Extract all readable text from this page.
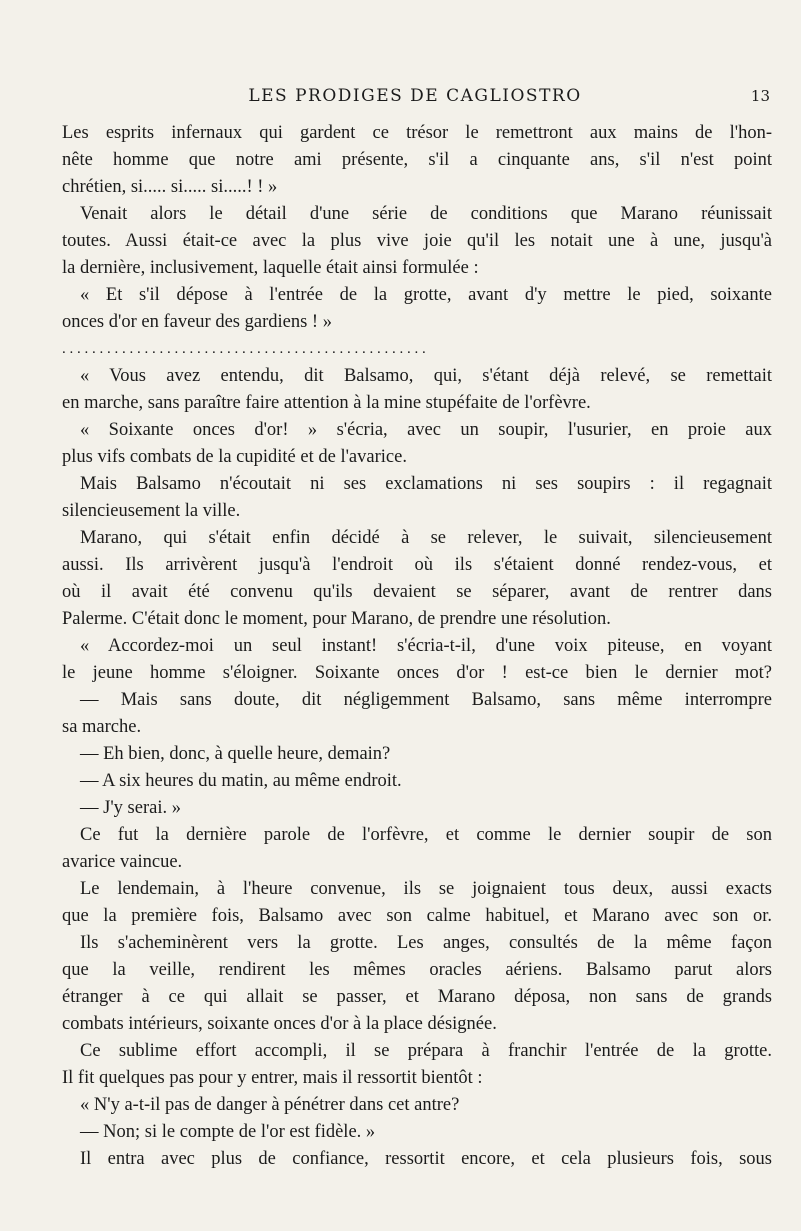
LES PRODIGES DE CAGLIOSTRO	13
Les esprits infernaux qui gardent ce trésor le remettront aux mains de l'hon-
nête homme que notre ami présente, s'il a cinquante ans, s'il n'est point
chrétien, si..... si..... si.....! ! »
Venait alors le détail d'une série de conditions que Marano réunissait
toutes. Aussi était-ce avec la plus vive joie qu'il les notait une à une, jusqu'à
la dernière, inclusivement, laquelle était ainsi formulée :
« Et s'il dépose à l'entrée de la grotte, avant d'y mettre le pied, soixante
onces d'or en faveur des gardiens ! »
. . . . . . . . . . . . . . . . . . . . . . . . . . . . . . . . . . . . . . . . . . . . . . . . .
« Vous avez entendu, dit Balsamo, qui, s'étant déjà relevé, se remettait
en marche, sans paraître faire attention à la mine stupéfaite de l'orfèvre.
« Soixante onces d'or! » s'écria, avec un soupir, l'usurier, en proie aux
plus vifs combats de la cupidité et de l'avarice.
Mais Balsamo n'écoutait ni ses exclamations ni ses soupirs : il regagnait
silencieusement la ville.
Marano, qui s'était enfin décidé à se relever, le suivait, silencieusement
aussi. Ils arrivèrent jusqu'à l'endroit où ils s'étaient donné rendez-vous, et
où il avait été convenu qu'ils devaient se séparer, avant de rentrer dans
Palerme. C'était donc le moment, pour Marano, de prendre une résolution.
« Accordez-moi un seul instant! s'écria-t-il, d'une voix piteuse, en voyant
le jeune homme s'éloigner. Soixante onces d'or ! est-ce bien le dernier mot?
— Mais sans doute, dit négligemment Balsamo, sans même interrompre
sa marche.
— Eh bien, donc, à quelle heure, demain?
— A six heures du matin, au même endroit.
— J'y serai. »
Ce fut la dernière parole de l'orfèvre, et comme le dernier soupir de son
avarice vaincue.
Le lendemain, à l'heure convenue, ils se joignaient tous deux, aussi exacts
que la première fois, Balsamo avec son calme habituel, et Marano avec son or.
Ils s'acheminèrent vers la grotte. Les anges, consultés de la même façon
que la veille, rendirent les mêmes oracles aériens. Balsamo parut alors
étranger à ce qui allait se passer, et Marano déposa, non sans de grands
combats intérieurs, soixante onces d'or à la place désignée.
Ce sublime effort accompli, il se prépara à franchir l'entrée de la grotte.
Il fit quelques pas pour y entrer, mais il ressortit bientôt :
« N'y a-t-il pas de danger à pénétrer dans cet antre?
— Non; si le compte de l'or est fidèle. »
Il entra avec plus de confiance, ressortit encore, et cela plusieurs fois, sous
